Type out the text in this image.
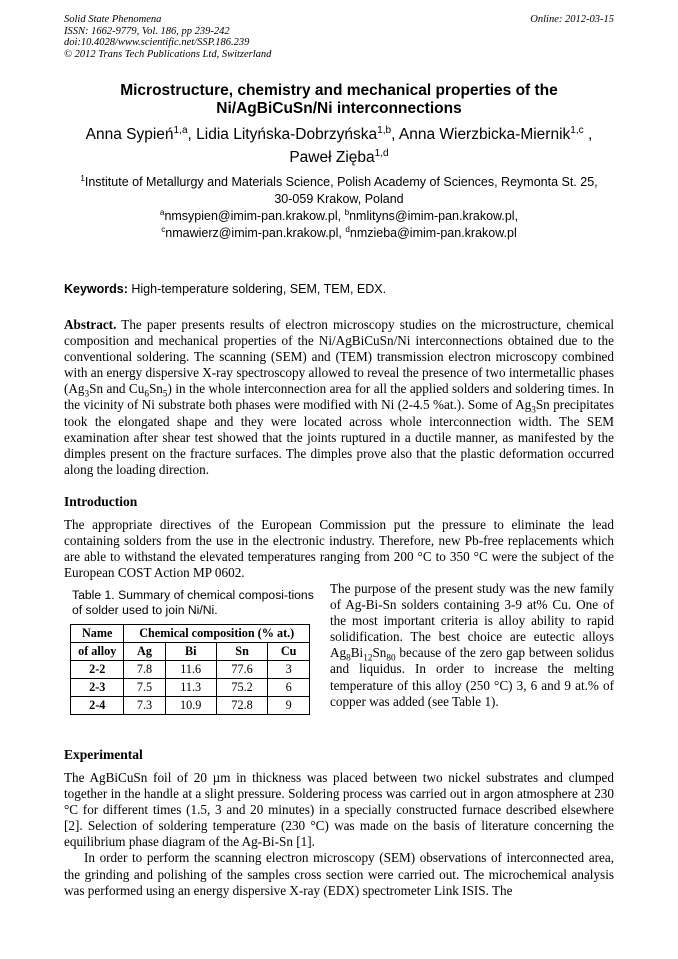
Solid State Phenomena
ISSN: 1662-9779, Vol. 186, pp 239-242
doi:10.4028/www.scientific.net/SSP.186.239
© 2012 Trans Tech Publications Ltd, Switzerland
Online: 2012-03-15
Microstructure, chemistry and mechanical properties of the
Ni/AgBiCuSn/Ni interconnections
Anna Sypień$^{1,a}$, Lidia Lityńska-Dobrzyńska$^{1,b}$, Anna Wierzbicka-Miernik$^{1,c}$ ,
Paweł Zięba$^{1,d}$
$^1$Institute of Metallurgy and Materials Science, Polish Academy of Sciences, Reymonta St. 25,
30-059 Krakow, Poland
$^a$nmsypien@imim-pan.krakow.pl, $^b$nmlityns@imim-pan.krakow.pl,
$^c$nmawierz@imim-pan.krakow.pl, $^d$nmzieba@imim-pan.krakow.pl
Keywords: High-temperature soldering, SEM, TEM, EDX.
Abstract. The paper presents results of electron microscopy studies on the microstructure, chemical composition and mechanical properties of the Ni/AgBiCuSn/Ni interconnections obtained due to the conventional soldering. The scanning (SEM) and (TEM) transmission electron microscopy combined with an energy dispersive X-ray spectroscopy allowed to reveal the presence of two intermetallic phases ($Ag_3Sn$ and $Cu_6Sn_5$) in the whole interconnection area for all the applied solders and soldering times. In the vicinity of Ni substrate both phases were modified with Ni (2-4.5 %at.). Some of $Ag_3Sn$ precipitates took the elongated shape and they were located across whole interconnection width. The SEM examination after shear test showed that the joints ruptured in a ductile manner, as manifested by the dimples present on the fracture surfaces. The dimples prove also that the plastic deformation occurred along the loading direction.
Introduction
The appropriate directives of the European Commission put the pressure to eliminate the lead containing solders from the use in the electronic industry. Therefore, new Pb-free replacements which are able to withstand the elevated temperatures ranging from 200 °C to 350 °C were the subject of the European COST Action MP 0602.
Table 1. Summary of chemical composi-tions of solder used to join Ni/Ni.
Name	Chemical composition (% at.)			
of alloy	Ag	Bi	Sn	Cu
2-2	7.8	11.6	77.6	3
2-3	7.5	11.3	75.2	6
2-4	7.3	10.9	72.8	9
The purpose of the present study was the new family of Ag-Bi-Sn solders containing 3-9 at% Cu. One of the most important criteria is alloy ability to rapid solidification. The best choice are eutectic alloys $Ag_8Bi_{12}Sn_{80}$ because of the zero gap between solidus and liquidus. In order to increase the melting temperature of this alloy (250 °C) 3, 6 and 9 at.% of copper was added (see Table 1).
Experimental

The AgBiCuSn foil of 20 µm in thickness was placed between two nickel substrates and clumped together in the handle at a slight pressure. Soldering process was carried out in argon atmosphere at 230 °C for different times (1.5, 3 and 20 minutes) in a specially constructed furnace described elsewhere [2]. Selection of soldering temperature (230 °C) was made on the basis of literature concerning the equilibrium phase diagram of the Ag-Bi-Sn [1].

In order to perform the scanning electron microscopy (SEM) observations of interconnected area, the grinding and polishing of the samples cross section were carried out. The microchemical analysis was performed using an energy dispersive X-ray (EDX) spectrometer Link ISIS. The
